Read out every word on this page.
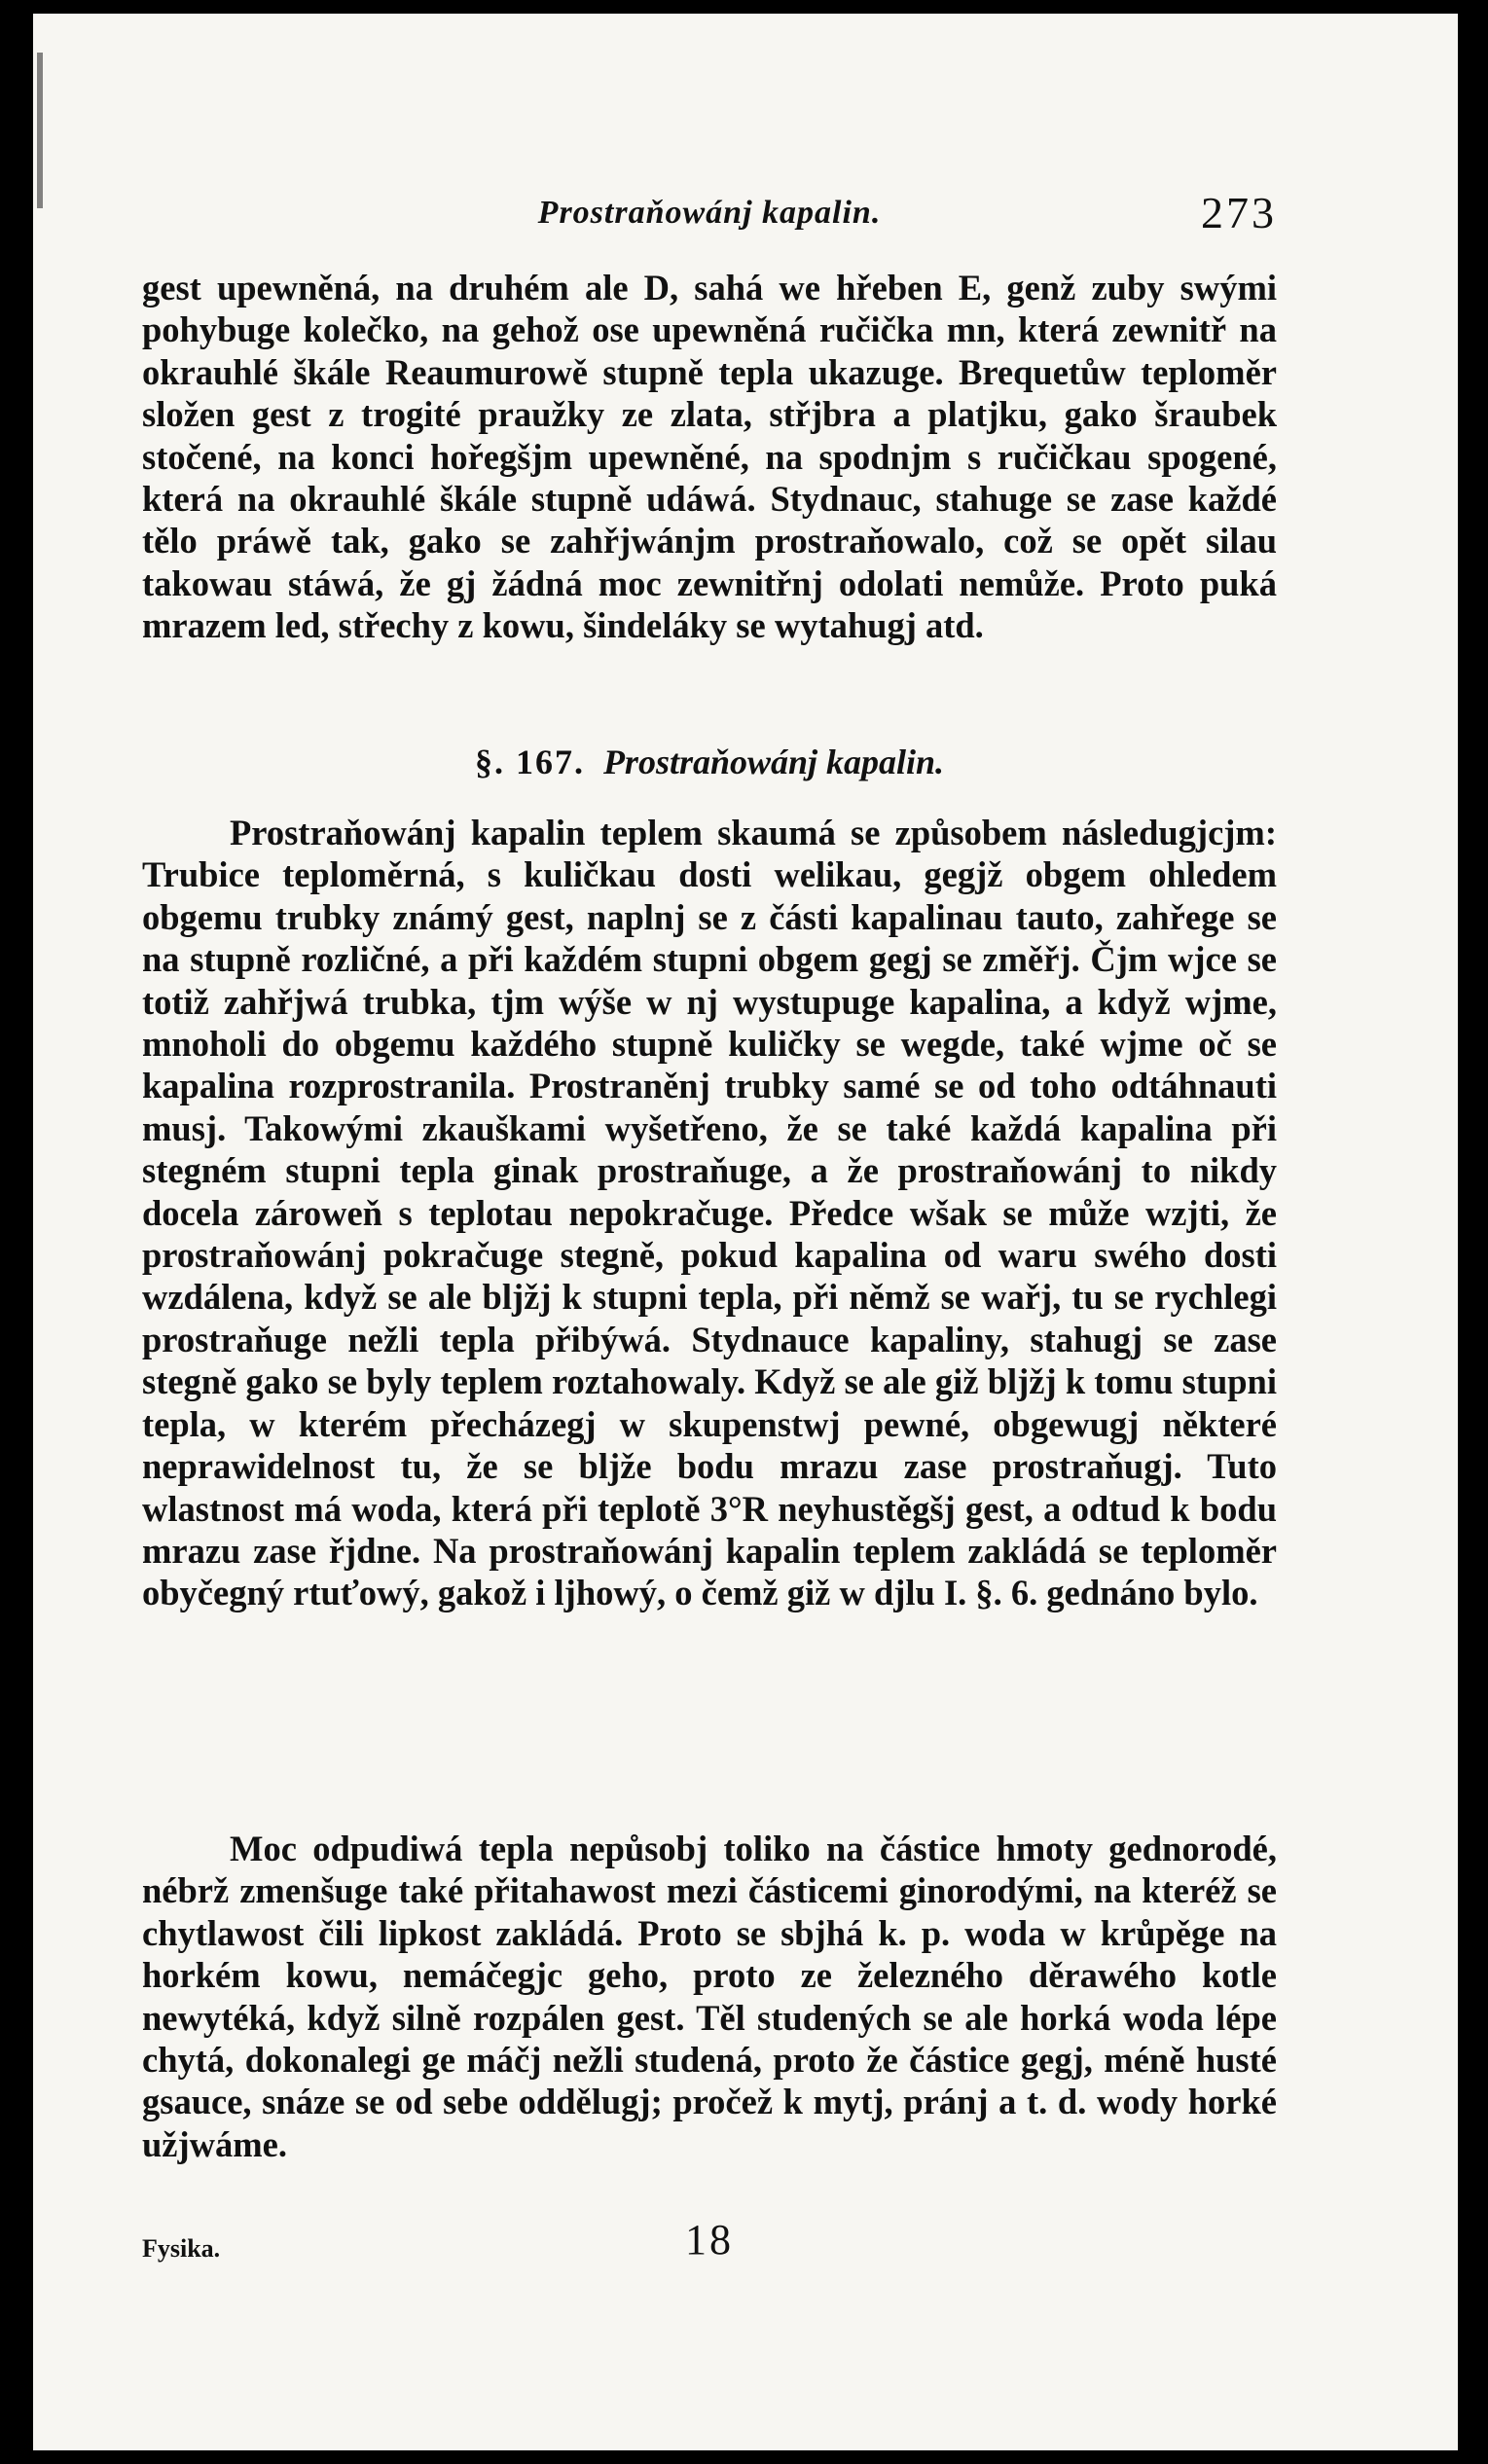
Prostraňowánj kapalin.	273

gest upewněná, na druhém ale D, sahá we hřeben E, genž zuby swými pohybuge kolečko, na gehož ose upewněná ručička mn, která zewnitř na okrauhlé škále Reaumurowě stupně tepla ukazuge. Brequetůw teploměr složen gest z trogité praužky ze zlata, střjbra a platjku, gako šraubek stočené, na konci hořegšjm upewněné, na spodnjm s ručičkau spogené, která na okrauhlé škále stupně udáwá. Stydnauc, stahuge se zase každé tělo práwě tak, gako se zahřjwánjm prostraňowalo, což se opět silau takowau stáwá, že gj žádná moc zewnitřnj odolati nemůže. Proto puká mrazem led, střechy z kowu, šindeláky se wytahugj atd.

§. 167. Prostraňowánj kapalin.

Prostraňowánj kapalin teplem skaumá se způsobem následugjcjm: Trubice teploměrná, s kuličkau dosti welikau, gegjž obgem ohledem obgemu trubky známý gest, naplnj se z části kapalinau tauto, zahřege se na stupně rozličné, a při každém stupni obgem gegj se změřj. Čjm wjce se totiž zahřjwá trubka, tjm wýše w nj wystupuge kapalina, a když wjme, mnoholi do obgemu každého stupně kuličky se wegde, také wjme oč se kapalina rozprostranila. Prostraněnj trubky samé se od toho odtáhnauti musj. Takowými zkauškami wyšetřeno, že se také každá kapalina při stegném stupni tepla ginak prostraňuge, a že prostraňowánj to nikdy docela zároweň s teplotau nepokračuge. Předce wšak se může wzjti, že prostraňowánj pokračuge stegně, pokud kapalina od waru swého dosti wzdálena, když se ale bljžj k stupni tepla, při němž se wařj, tu se rychlegi prostraňuge nežli tepla přibýwá. Stydnauce kapaliny, stahugj se zase stegně gako se byly teplem roztahowaly. Když se ale giž bljžj k tomu stupni tepla, w kterém přecházegj w skupenstwj pewné, obgewugj některé neprawidelnost tu, že se bljže bodu mrazu zase prostraňugj. Tuto wlastnost má woda, která při teplotě 3°R neyhustěgšj gest, a odtud k bodu mrazu zase řjdne. Na prostraňowánj kapalin teplem zakládá se teploměr obyčegný rtuťowý, gakož i ljhowý, o čemž giž w djlu I. §. 6. gednáno bylo.

Moc odpudiwá tepla nepůsobj toliko na částice hmoty gednorodé, nébrž zmenšuge také přitahawost mezi částicemi ginorodými, na kteréž se chytlawost čili lipkost zakládá. Proto se sbjhá k. p. woda w krůpěge na horkém kowu, nemáčegjc geho, proto ze železného děrawého kotle newytéká, když silně rozpálen gest. Těl studených se ale horká woda lépe chytá, dokonalegi ge máčj nežli studená, proto že částice gegj, méně husté gsauce, snáze se od sebe oddělugj; pročež k mytj, pránj a t. d. wody horké užjwáme.

Fysika.	18
